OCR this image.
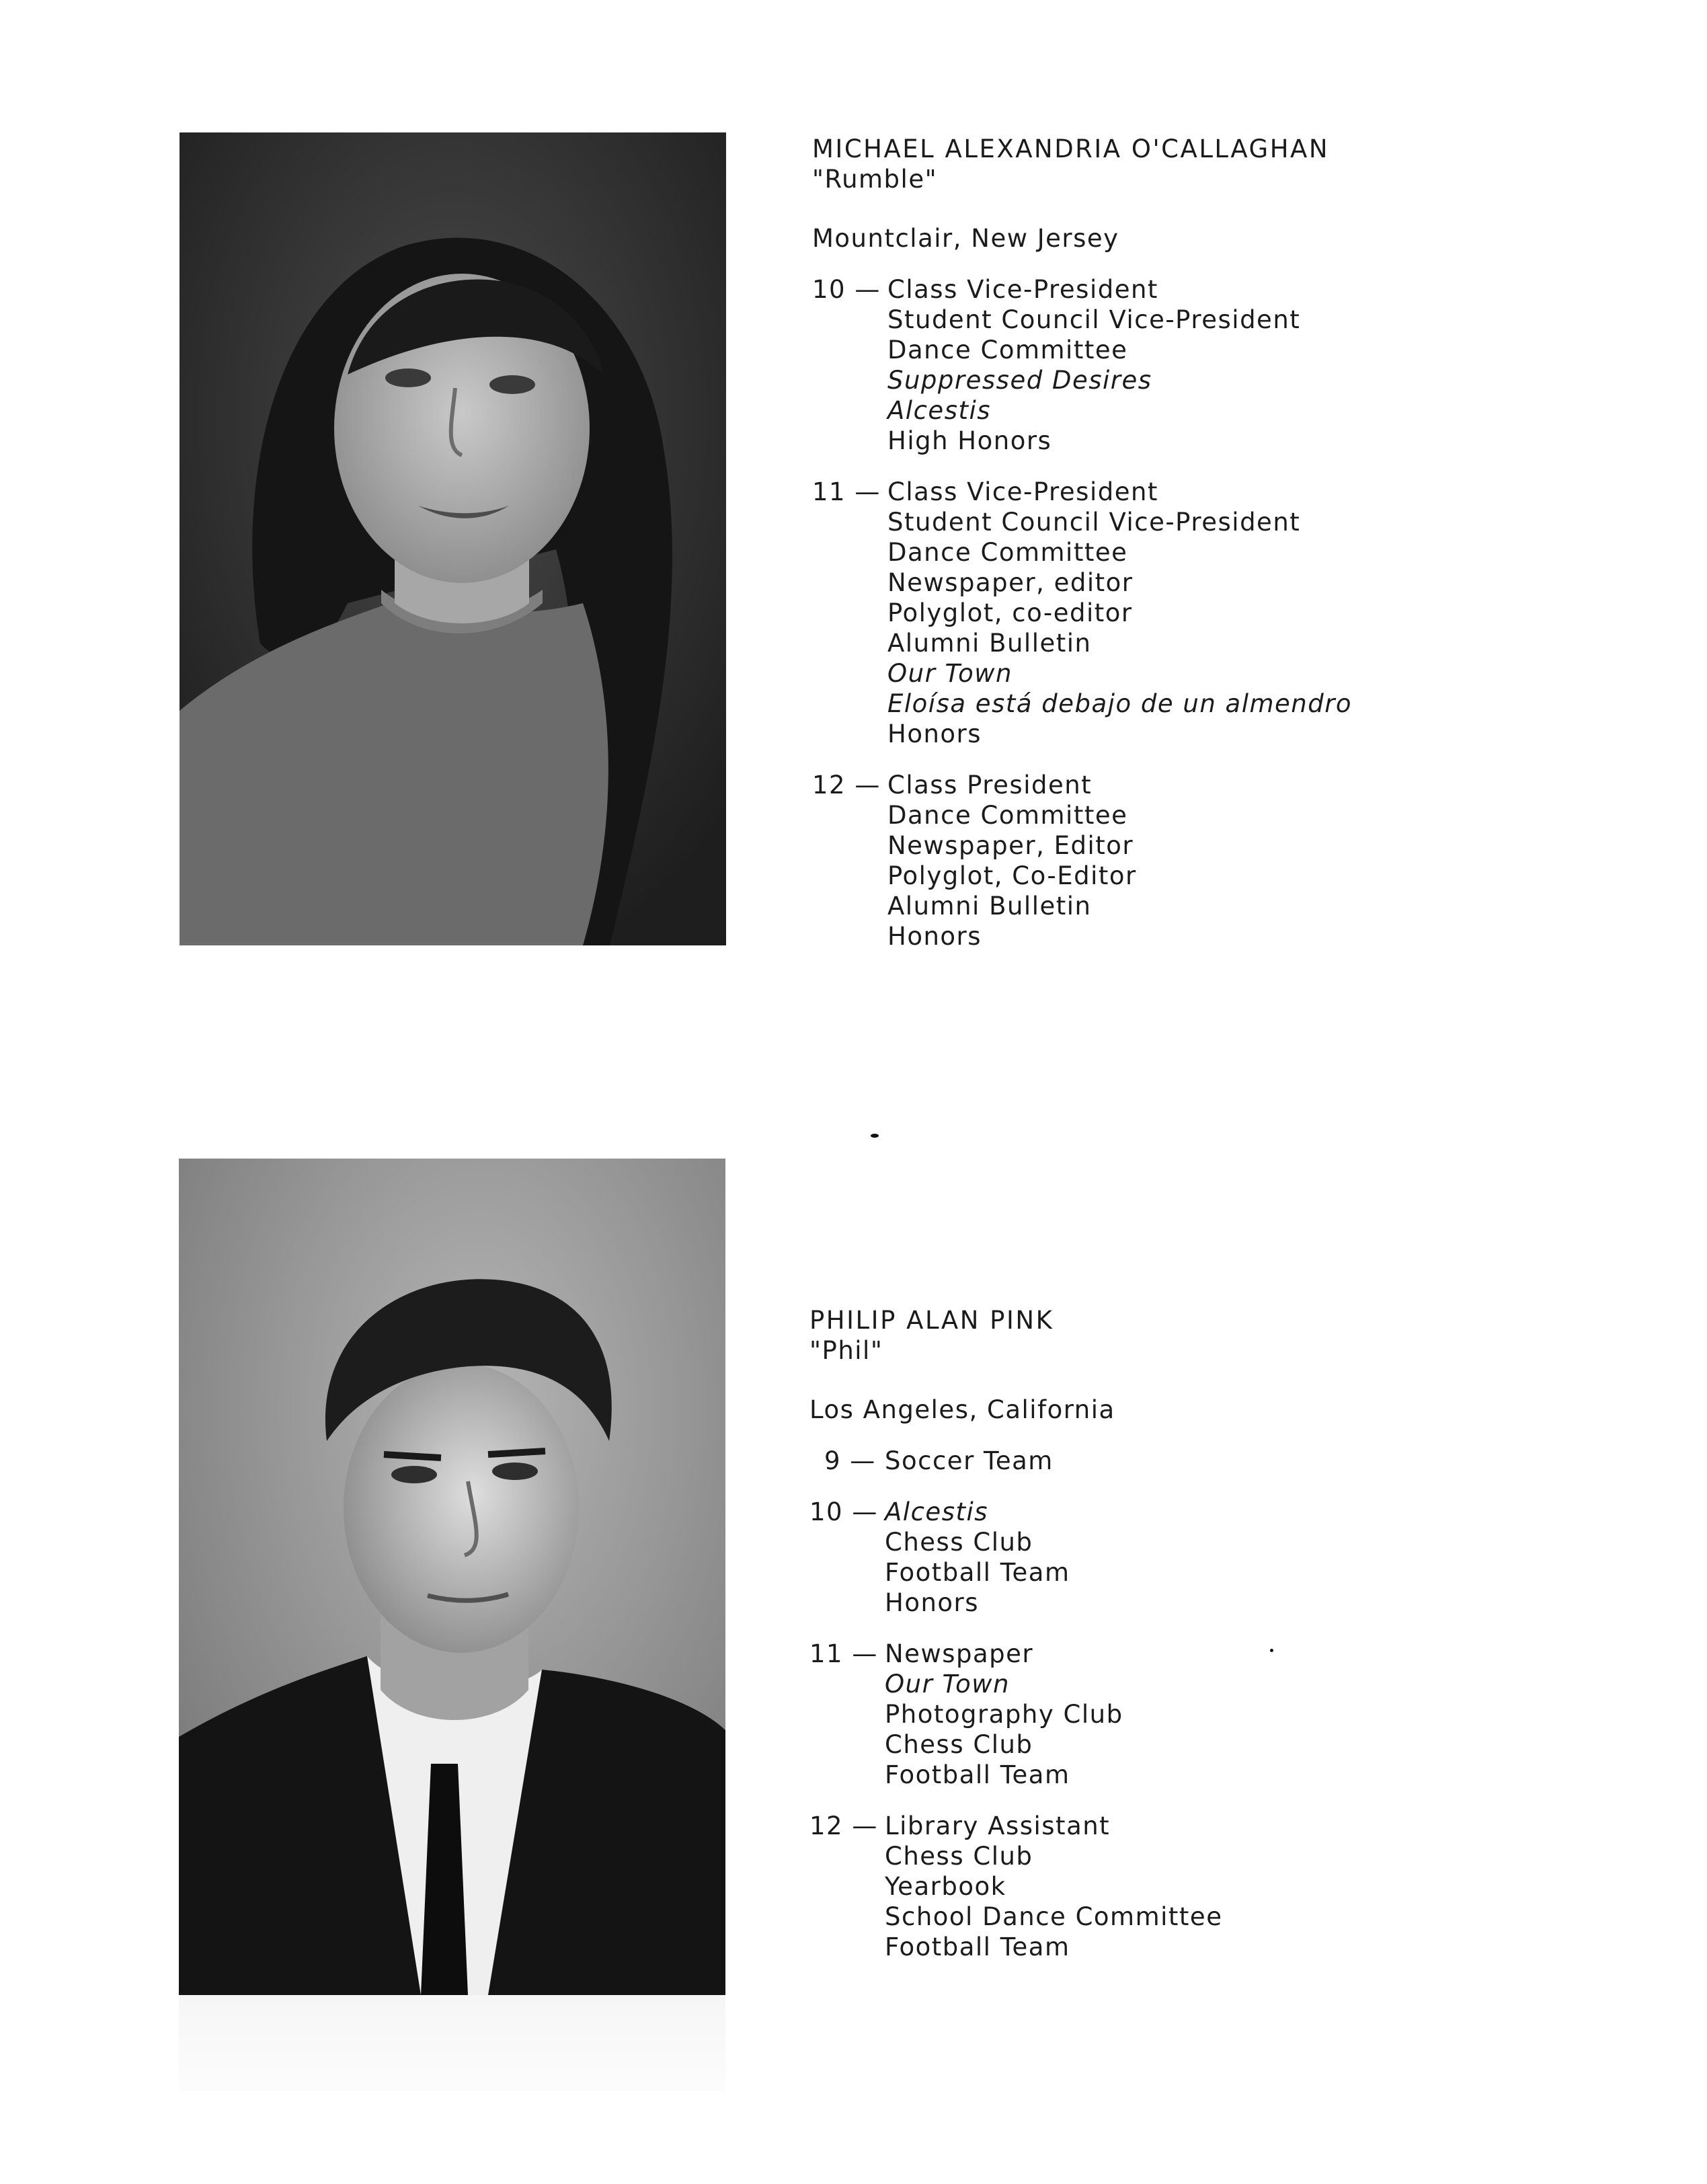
MICHAEL ALEXANDRIA O'CALLAGHAN
"Rumble"
Mountclair, New Jersey
10 — Class Vice-President
Student Council Vice-President
Dance Committee
Suppressed Desires
Alcestis
High Honors
11 — Class Vice-President
Student Council Vice-President
Dance Committee
Newspaper, editor
Polyglot, co-editor
Alumni Bulletin
Our Town
Eloísa está debajo de un almendro
Honors
12 — Class President
Dance Committee
Newspaper, Editor
Polyglot, Co-Editor
Alumni Bulletin
Honors
PHILIP ALAN PINK
"Phil"
Los Angeles, California
9 — Soccer Team
10 — Alcestis
Chess Club
Football Team
Honors
11 — Newspaper
Our Town
Photography Club
Chess Club
Football Team
12 — Library Assistant
Chess Club
Yearbook
School Dance Committee
Football Team
